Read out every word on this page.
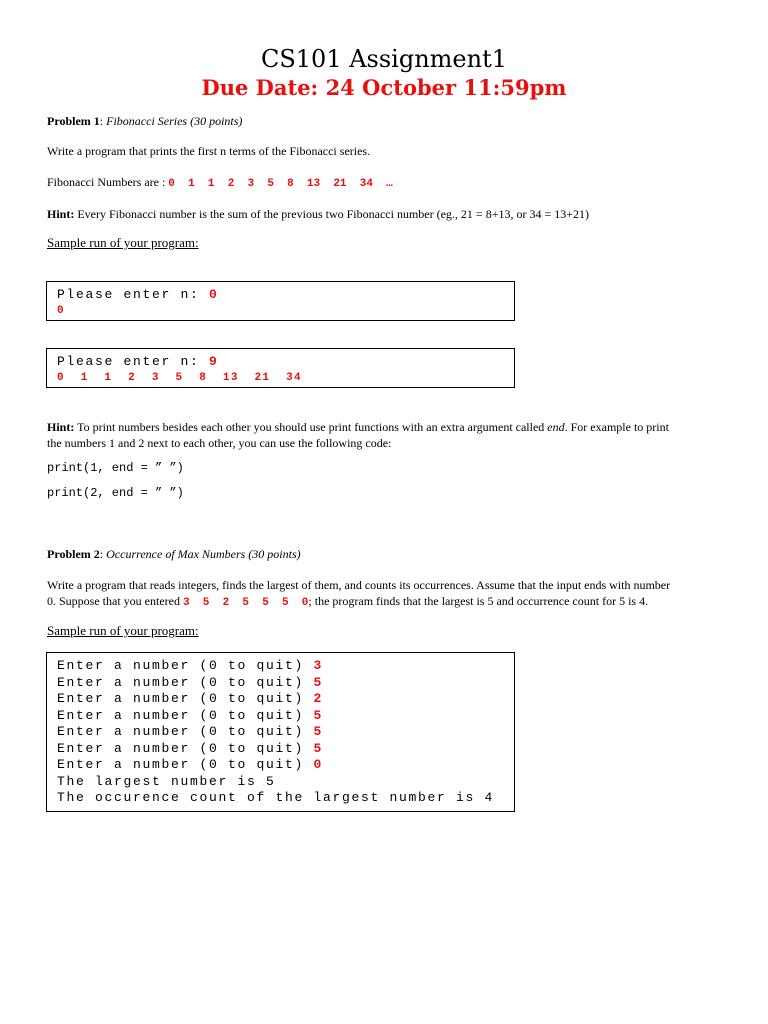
CS101 Assignment1
Due Date: 24 October 11:59pm
Problem 1: Fibonacci Series (30 points)
Write a program that prints the first n terms of the Fibonacci series.
Fibonacci Numbers are : 0  1  1  2  3  5  8  13  21  34  …
Hint: Every Fibonacci number is the sum of the previous two Fibonacci number (eg., 21 = 8+13, or 34 = 13+21)
Sample run of your program:
Please enter n: 0
0
Please enter n: 9
0  1  1  2  3  5  8  13  21  34
Hint: To print numbers besides each other you should use print functions with an extra argument called end. For example to print
the numbers 1 and 2 next to each other, you can use the following code:
print(1, end = ” ”)
print(2, end = ” ”)
Problem 2: Occurrence of Max Numbers (30 points)
Write a program that reads integers, finds the largest of them, and counts its occurrences. Assume that the input ends with number
0. Suppose that you entered 3  5  2  5  5  5  0; the program finds that the largest is 5 and occurrence count for 5 is 4.
Sample run of your program:
Enter a number (0 to quit) 3
Enter a number (0 to quit) 5
Enter a number (0 to quit) 2
Enter a number (0 to quit) 5
Enter a number (0 to quit) 5
Enter a number (0 to quit) 5
Enter a number (0 to quit) 0
The largest number is 5
The occurence count of the largest number is 4
